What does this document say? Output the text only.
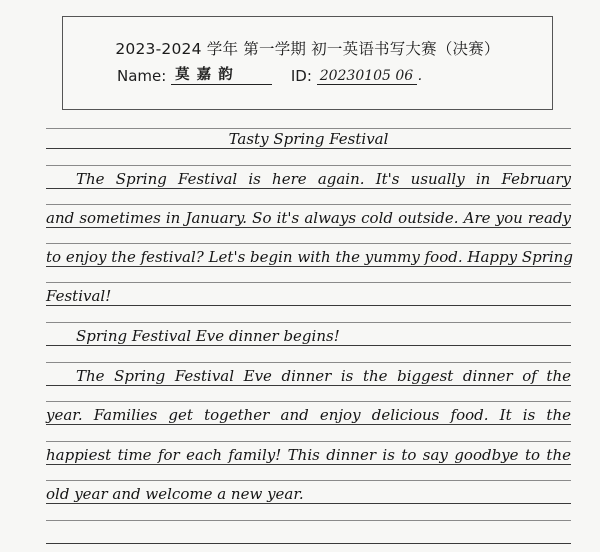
2023-2024 学年 第一学期 初一英语书写大赛（决赛）
Name: 莫 嘉 韵	ID: 20230105 06 .
Tasty Spring Festival
The Spring Festival is here again. It's usually in February
and sometimes in January. So it's always cold outside. Are you ready
to enjoy the festival? Let's begin with the yummy food. Happy Spring
Festival!
Spring Festival Eve dinner begins!
The Spring Festival Eve dinner is the biggest dinner of the
year. Families get together and enjoy delicious food. It is the
happiest time for each family! This dinner is to say goodbye to the
old year and welcome a new year.
